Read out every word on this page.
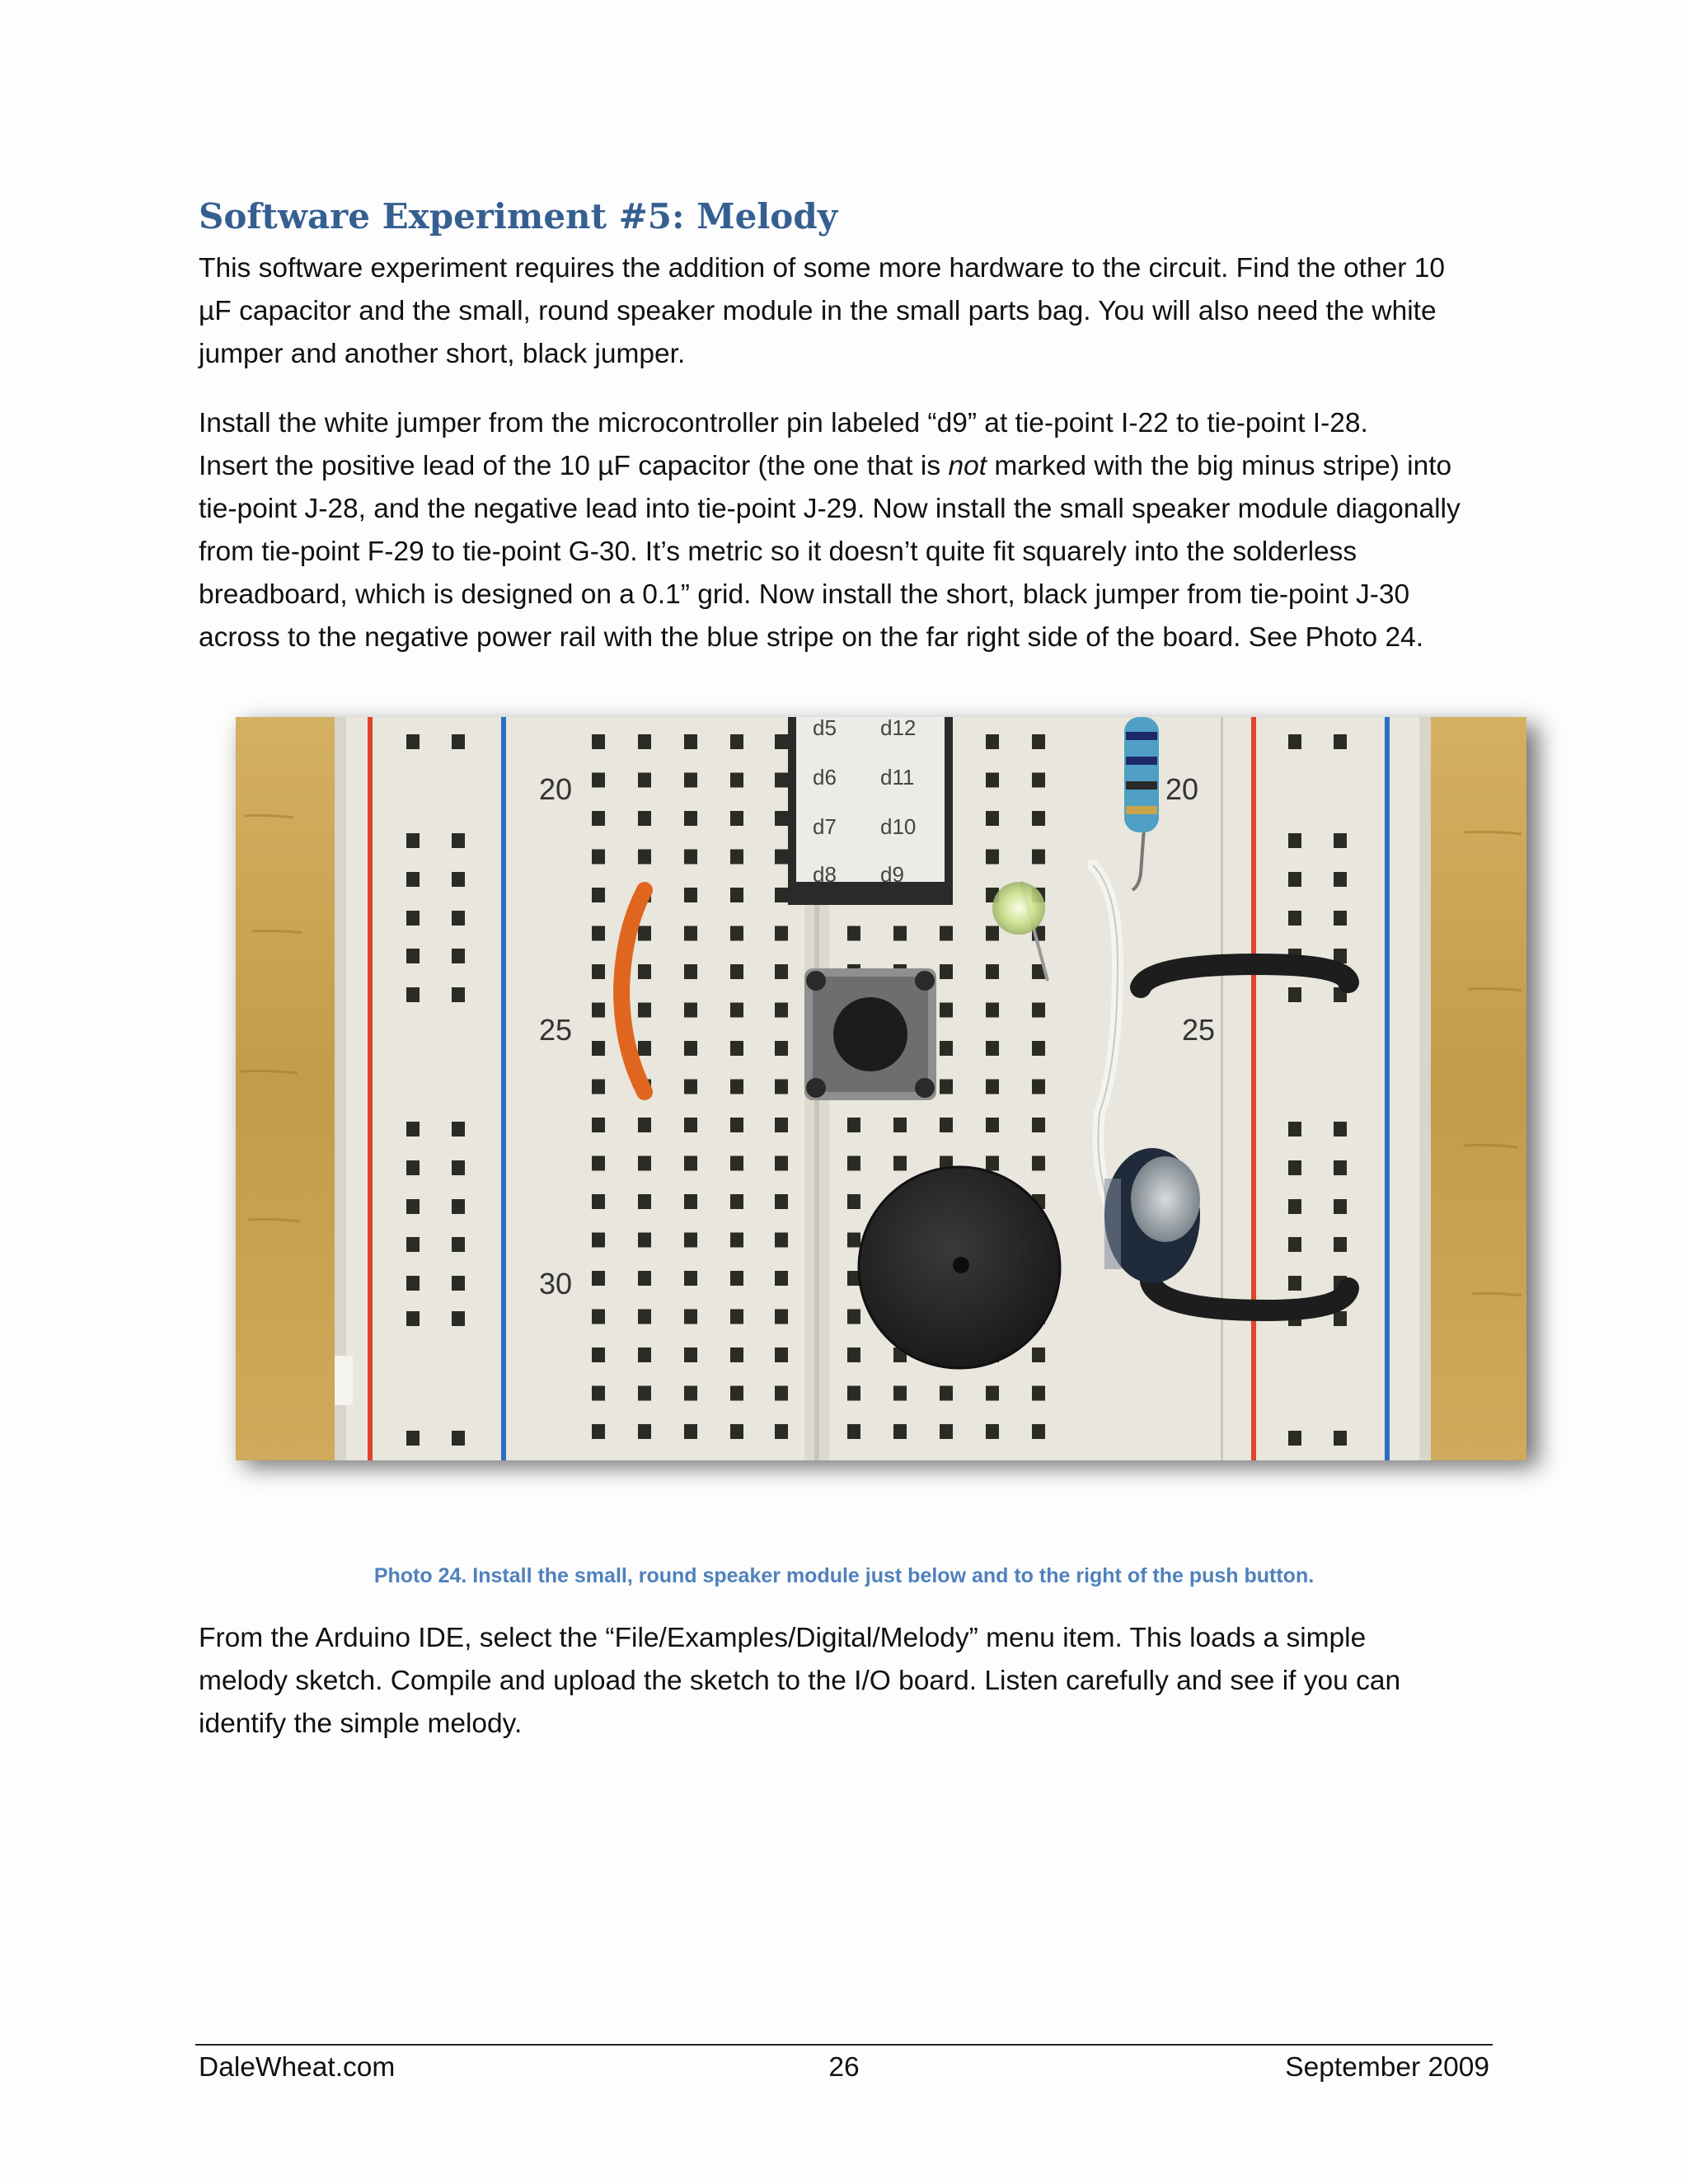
Software Experiment #5: Melody

This software experiment requires the addition of some more hardware to the circuit. Find the other 10
µF capacitor and the small, round speaker module in the small parts bag. You will also need the white
jumper and another short, black jumper.

Install the white jumper from the microcontroller pin labeled “d9” at tie-point I-22 to tie-point I-28.
Insert the positive lead of the 10 µF capacitor (the one that is not marked with the big minus stripe) into
tie-point J-28, and the negative lead into tie-point J-29. Now install the small speaker module diagonally
from tie-point F-29 to tie-point G-30. It’s metric so it doesn’t quite fit squarely into the solderless
breadboard, which is designed on a 0.1” grid. Now install the short, black jumper from tie-point J-30
across to the negative power rail with the blue stripe on the far right side of the board. See Photo 24.

20
25
30
20
25
d5 d12
d6 d11
d7 d10
d8 d9
Photo 24. Install the small, round speaker module just below and to the right of the push button.

From the Arduino IDE, select the “File/Examples/Digital/Melody” menu item. This loads a simple
melody sketch. Compile and upload the sketch to the I/O board. Listen carefully and see if you can
identify the simple melody.

DaleWheat.com	26	September 2009
